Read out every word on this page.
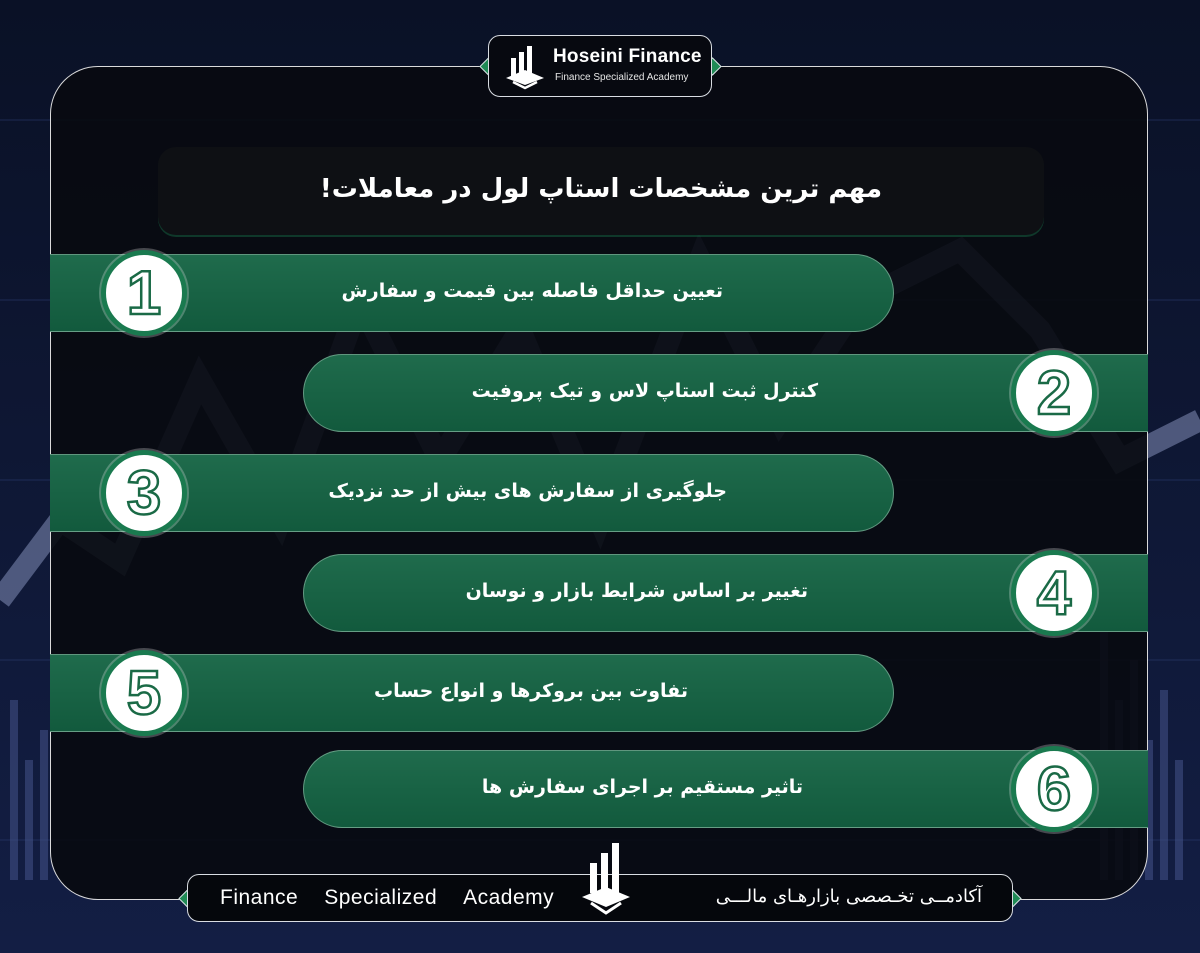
Hoseini Finance
Finance Specialized Academy
مهم ترین مشخصات استاپ لول در معاملات!
تعیین حداقل فاصله بین قیمت و سفارش
1
کنترل ثبت استاپ لاس و تیک پروفیت	2
جلوگیری از سفارش های بیش از حد نزدیک
3
تغییر بر اساس شرایط بازار و نوسان	4
تفاوت بین بروکرها و انواع حساب
5
تاثیر مستقیم بر اجرای سفارش ها	6
Finance Specialized Academy	آکادمــی تخـصصی بازارهـای مالـــی
